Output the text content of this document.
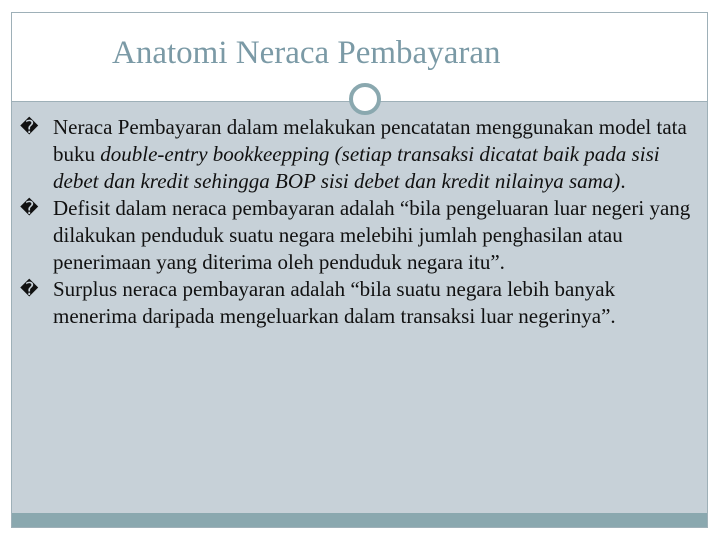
Anatomi Neraca Pembayaran

� Neraca Pembayaran dalam melakukan pencatatan menggunakan model tata buku double-entry bookkeepping (setiap transaksi dicatat baik pada sisi debet dan kredit sehingga BOP sisi debet dan kredit nilainya sama).

� Defisit dalam neraca pembayaran adalah “bila pengeluaran luar negeri yang dilakukan penduduk suatu negara melebihi jumlah penghasilan atau penerimaan yang diterima oleh penduduk negara itu”.

� Surplus neraca pembayaran adalah “bila suatu negara lebih banyak menerima daripada mengeluarkan dalam transaksi luar negerinya”.
